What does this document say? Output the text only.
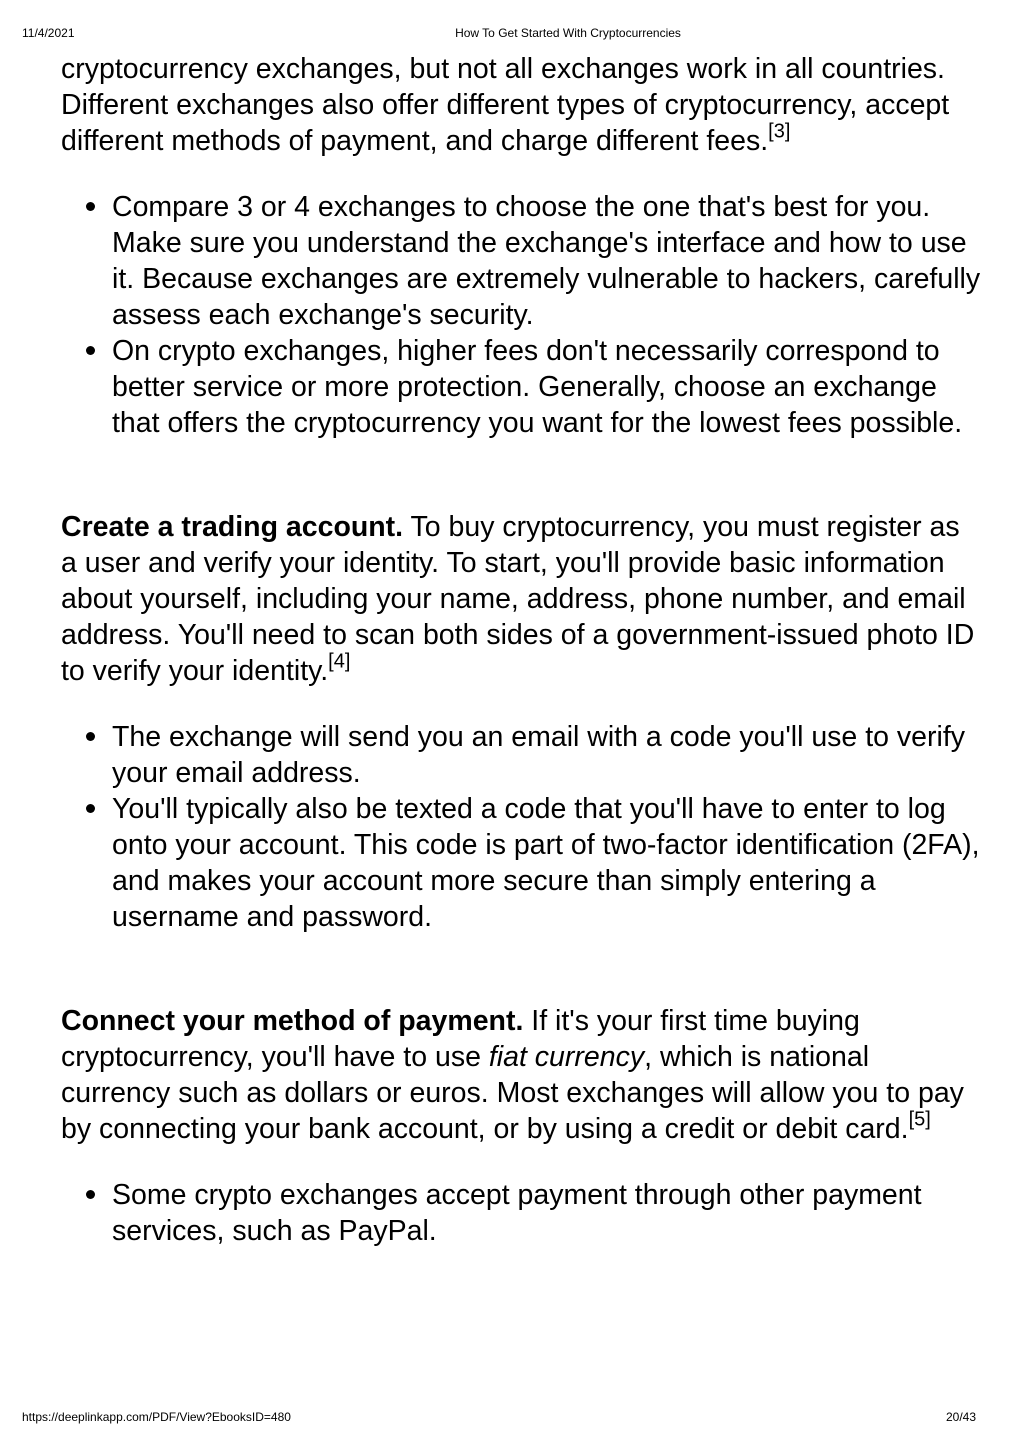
11/4/2021	How To Get Started With Cryptocurrencies

cryptocurrency exchanges, but not all exchanges work in all countries. Different exchanges also offer different types of cryptocurrency, accept different methods of payment, and charge different fees.[3]

Compare 3 or 4 exchanges to choose the one that's best for you. Make sure you understand the exchange's interface and how to use it. Because exchanges are extremely vulnerable to hackers, carefully assess each exchange's security.
On crypto exchanges, higher fees don't necessarily correspond to better service or more protection. Generally, choose an exchange that offers the cryptocurrency you want for the lowest fees possible.

Create a trading account. To buy cryptocurrency, you must register as a user and verify your identity. To start, you'll provide basic information about yourself, including your name, address, phone number, and email address. You'll need to scan both sides of a government-issued photo ID to verify your identity.[4]

The exchange will send you an email with a code you'll use to verify your email address.
You'll typically also be texted a code that you'll have to enter to log onto your account. This code is part of two-factor identification (2FA), and makes your account more secure than simply entering a username and password.

Connect your method of payment. If it's your first time buying cryptocurrency, you'll have to use fiat currency, which is national currency such as dollars or euros. Most exchanges will allow you to pay by connecting your bank account, or by using a credit or debit card.[5]

Some crypto exchanges accept payment through other payment services, such as PayPal.
https://deeplinkapp.com/PDF/View?EbooksID=480	20/43
